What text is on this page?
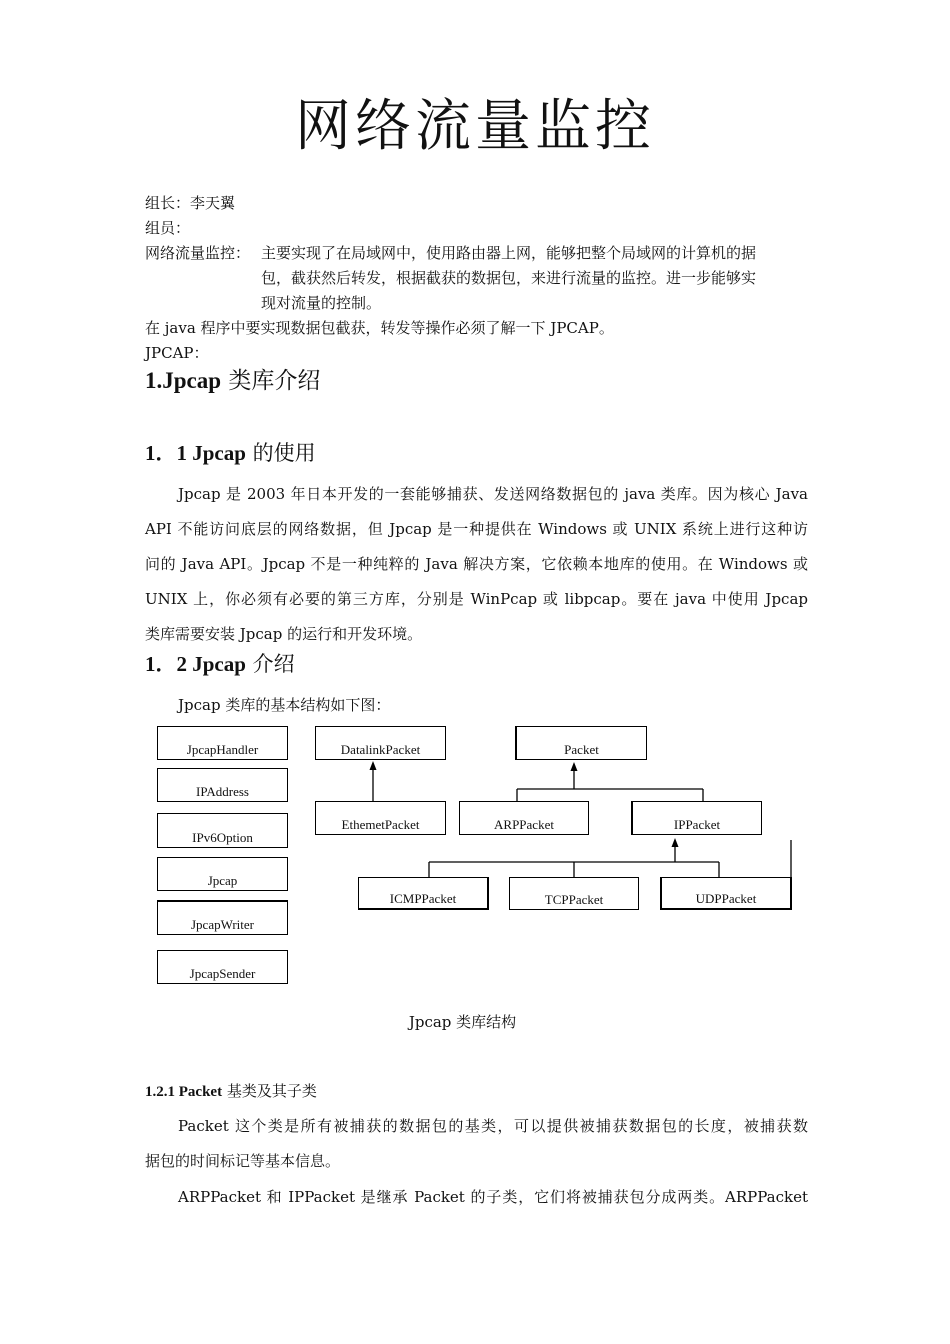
网络流量监控
组长：李天翼
组员：
网络流量监控： 主要实现了在局域网中，使用路由器上网，能够把整个局域网的计算机的据
包，截获然后转发，根据截获的数据包，来进行流量的监控。进一步能够实
现对流量的控制。
在 java 程序中要实现数据包截获，转发等操作必须了解一下 JPCAP。
JPCAP：
1.Jpcap 类库介绍
1．1 Jpcap 的使用
Jpcap 是 2003 年日本开发的一套能够捕获、发送网络数据包的 java 类库。因为核心 Java
API 不能访问底层的网络数据，但 Jpcap 是一种提供在 Windows 或 UNIX 系统上进行这种访
问的 Java API。Jpcap 不是一种纯粹的 Java 解决方案，它依赖本地库的使用。在 Windows 或
UNIX 上，你必须有必要的第三方库，分别是 WinPcap 或 libpcap。要在 java 中使用 Jpcap
类库需要安装 Jpcap 的运行和开发环境。
1．2 Jpcap 介绍
Jpcap 类库的基本结构如下图：
JpcapHandler
IPAddress
IPv6Option
Jpcap
JpcapWriter
JpcapSender
DatalinkPacket
EthemetPacket
Packet
ARPPacket	IPPacket
ICMPPacket	TCPPacket	UDPPacket
Jpcap 类库结构
1.2.1 Packet 基类及其子类
Packet 这个类是所有被捕获的数据包的基类，可以提供被捕获数据包的长度，被捕获数
据包的时间标记等基本信息。
ARPPacket 和 IPPacket 是继承 Packet 的子类，它们将被捕获包分成两类。ARPPacket
